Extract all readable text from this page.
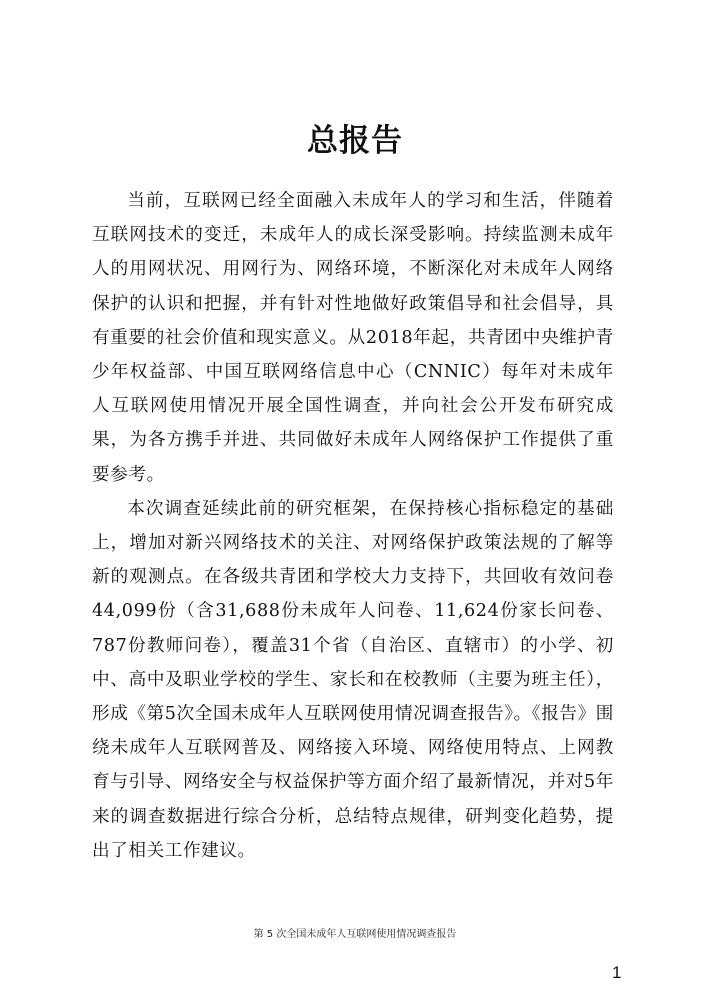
总报告

当前，互联网已经全面融入未成年人的学习和生活，伴随着互联网技术的变迁，未成年人的成长深受影响。持续监测未成年人的用网状况、用网行为、网络环境，不断深化对未成年人网络保护的认识和把握，并有针对性地做好政策倡导和社会倡导，具有重要的社会价值和现实意义。从2018年起，共青团中央维护青少年权益部、中国互联网络信息中心（CNNIC）每年对未成年人互联网使用情况开展全国性调查，并向社会公开发布研究成果，为各方携手并进、共同做好未成年人网络保护工作提供了重要参考。

本次调查延续此前的研究框架，在保持核心指标稳定的基础上，增加对新兴网络技术的关注、对网络保护政策法规的了解等新的观测点。在各级共青团和学校大力支持下，共回收有效问卷44,099份（含31,688份未成年人问卷、11,624份家长问卷、787份教师问卷），覆盖31个省（自治区、直辖市）的小学、初中、高中及职业学校的学生、家长和在校教师（主要为班主任），形成《第5次全国未成年人互联网使用情况调查报告》。《报告》围绕未成年人互联网普及、网络接入环境、网络使用特点、上网教育与引导、网络安全与权益保护等方面介绍了最新情况，并对5年来的调查数据进行综合分析，总结特点规律，研判变化趋势，提出了相关工作建议。

第 5 次全国未成年人互联网使用情况调查报告
1
